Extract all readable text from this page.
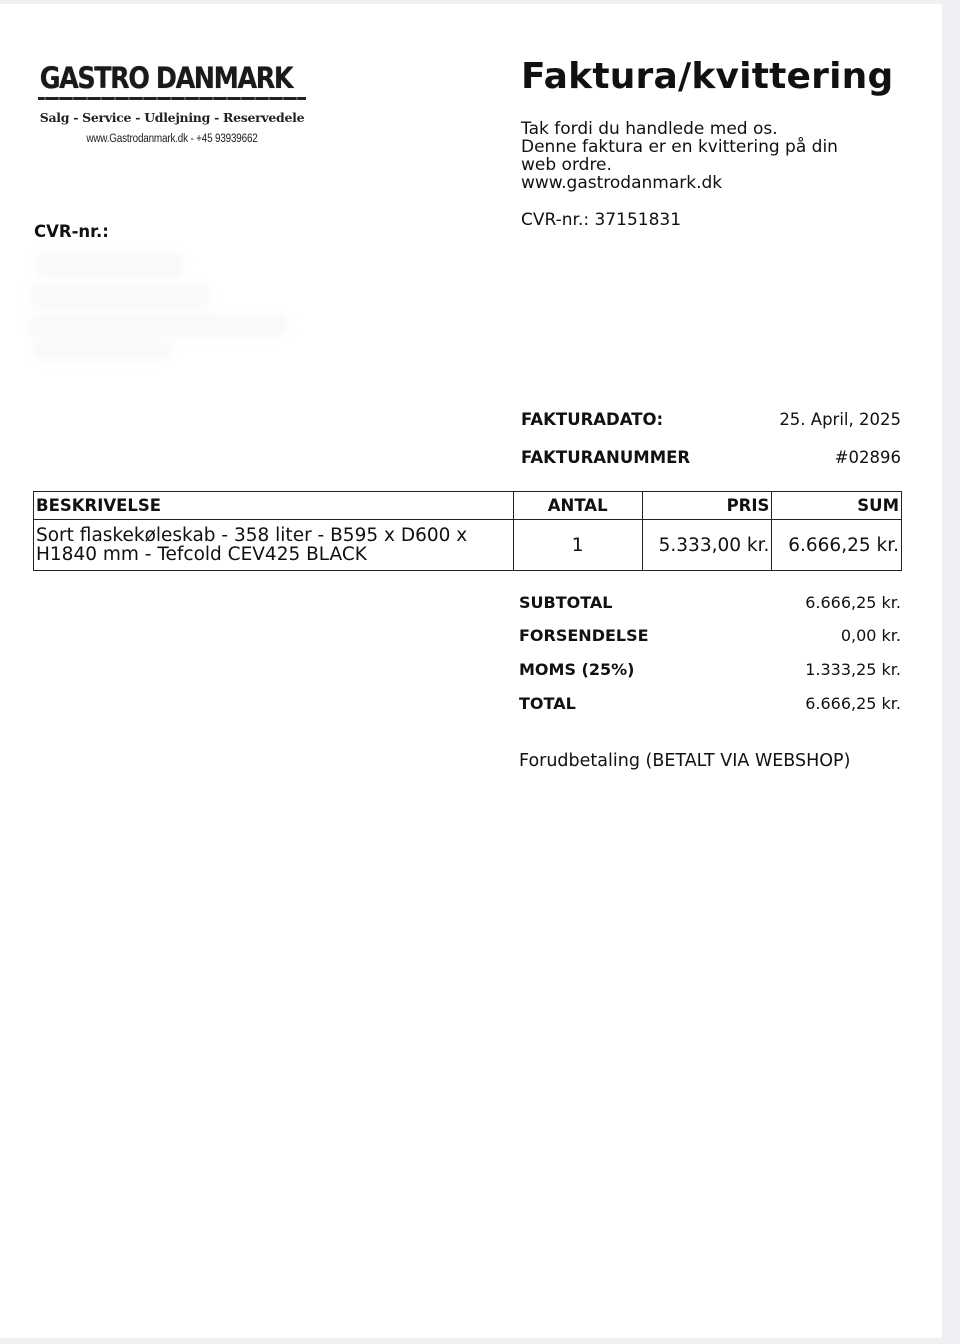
GASTRO DANMARK
Salg - Service - Udlejning - Reservedele
www.Gastrodanmark.dk - +45 93939662
Faktura/kvittering
Tak fordi du handlede med os.
Denne faktura er en kvittering på din
web ordre.
www.gastrodanmark.dk
CVR-nr.: 37151831
CVR-nr.:
FAKTURADATO:	25. April, 2025
FAKTURANUMMER	#02896
BESKRIVELSE	ANTAL	PRIS	SUM

Sort flaskekøleskab - 358 liter - B595 x D600 x
H1840 mm - Tefcold CEV425 BLACK	1	5.333,00 kr.	6.666,25 kr.
SUBTOTAL	6.666,25 kr.
FORSENDELSE	0,00 kr.
MOMS (25%)	1.333,25 kr.
TOTAL	6.666,25 kr.
Forudbetaling (BETALT VIA WEBSHOP)
